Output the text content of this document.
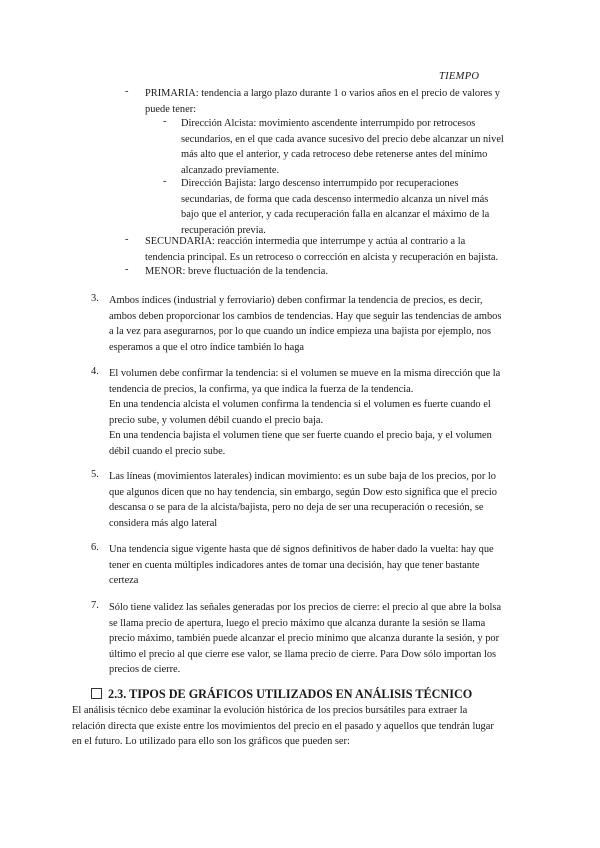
TIEMPO
- PRIMARIA: tendencia a largo plazo durante 1 o varios años en el precio de valores y
puede tener:

- Dirección Alcista: movimiento ascendente interrumpido por retrocesos
secundarios, en el que cada avance sucesivo del precio debe alcanzar un nivel
más alto que el anterior, y cada retroceso debe retenerse antes del mínimo
alcanzado previamente.

- Dirección Bajista: largo descenso interrumpido por recuperaciones
secundarias, de forma que cada descenso intermedio alcanza un nivel más
bajo que el anterior, y cada recuperación falla en alcanzar el máximo de la
recuperación previa.

- SECUNDARIA: reacción intermedia que interrumpe y actúa al contrario a la
tendencia principal. Es un retroceso o corrección en alcista y recuperación en bajista.

- MENOR: breve fluctuación de la tendencia.

3. Ambos índices (industrial y ferroviario) deben confirmar la tendencia de precios, es decir,
ambos deben proporcionar los cambios de tendencias. Hay que seguir las tendencias de ambos
a la vez para asegurarnos, por lo que cuando un índice empieza una bajista por ejemplo, nos
esperamos a que el otro índice también lo haga

4. El volumen debe confirmar la tendencia: si el volumen se mueve en la misma dirección que la
tendencia de precios, la confirma, ya que indica la fuerza de la tendencia.
En una tendencia alcista el volumen confirma la tendencia si el volumen es fuerte cuando el
precio sube, y volumen débil cuando el precio baja.
En una tendencia bajista el volumen tiene que ser fuerte cuando el precio baja, y el volumen
débil cuando el precio sube.

5. Las líneas (movimientos laterales) indican movimiento: es un sube baja de los precios, por lo
que algunos dicen que no hay tendencia, sin embargo, según Dow esto significa que el precio
descansa o se para de la alcista/bajista, pero no deja de ser una recuperación o recesión, se
considera más algo lateral

6. Una tendencia sigue vigente hasta que dé signos definitivos de haber dado la vuelta: hay que
tener en cuenta múltiples indicadores antes de tomar una decisión, hay que tener bastante
certeza

7. Sólo tiene validez las señales generadas por los precios de cierre: el precio al que abre la bolsa
se llama precio de apertura, luego el precio máximo que alcanza durante la sesión se llama
precio máximo, también puede alcanzar el precio mínimo que alcanza durante la sesión, y por
último el precio al que cierre ese valor, se llama precio de cierre. Para Dow sólo importan los
precios de cierre.

2.3. TIPOS DE GRÁFICOS UTILIZADOS EN ANÁLISIS TÉCNICO

El análisis técnico debe examinar la evolución histórica de los precios bursátiles para extraer la
relación directa que existe entre los movimientos del precio en el pasado y aquellos que tendrán lugar
en el futuro. Lo utilizado para ello son los gráficos que pueden ser:
